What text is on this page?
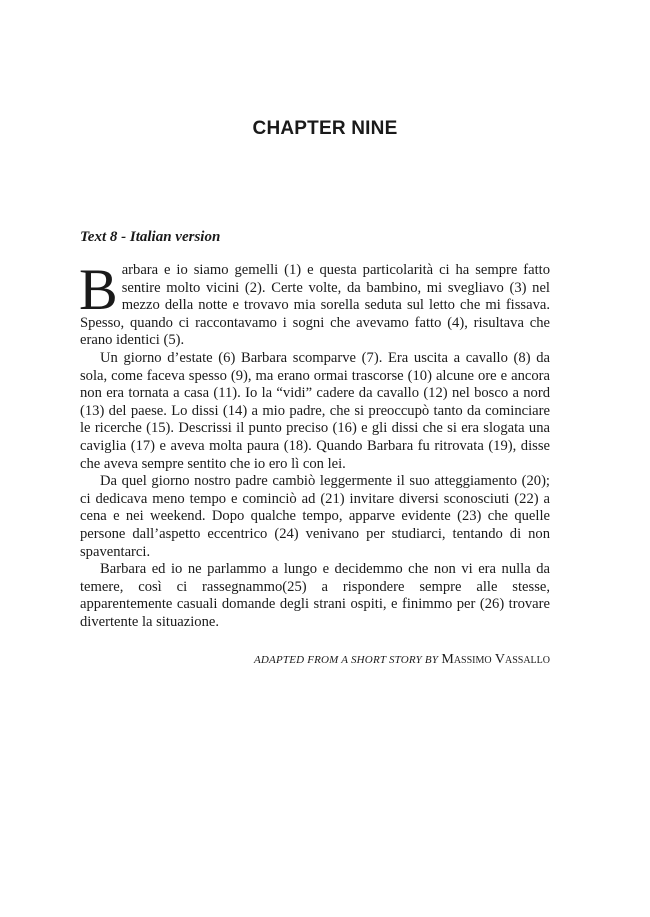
CHAPTER NINE
Text 8 - Italian version

Barbara e io siamo gemelli (1) e questa particolarità ci ha sempre fatto sentire molto vicini (2). Certe volte, da bambino, mi svegliavo (3) nel mezzo della notte e trovavo mia sorella seduta sul letto che mi fissava. Spesso, quando ci raccontavamo i sogni che avevamo fatto (4), risultava che erano identici (5).

Un giorno d’estate (6) Barbara scomparve (7). Era uscita a cavallo (8) da sola, come faceva spesso (9), ma erano ormai trascorse (10) alcune ore e ancora non era tornata a casa (11). Io la “vidi” cadere da cavallo (12) nel bosco a nord (13) del paese. Lo dissi (14) a mio padre, che si preoccupò tanto da cominciare le ricerche (15). Descrissi il punto preciso (16) e gli dissi che si era slogata una caviglia (17) e aveva molta paura (18). Quando Barbara fu ritrovata (19), disse che aveva sempre sentito che io ero lì con lei.

Da quel giorno nostro padre cambiò leggermente il suo atteggiamento (20); ci dedicava meno tempo e cominciò ad (21) invitare diversi sconosciuti (22) a cena e nei weekend. Dopo qualche tempo, apparve evidente (23) che quelle persone dall’aspetto eccentrico (24) venivano per studiarci, tentando di non spaventarci.

Barbara ed io ne parlammo a lungo e decidemmo che non vi era nulla da temere, così ci rassegnammo(25) a rispondere sempre alle stesse, apparentemente casuali domande degli strani ospiti, e finimmo per (26) trovare divertente la situazione.

ADAPTED FROM A SHORT STORY BY Massimo Vassallo
